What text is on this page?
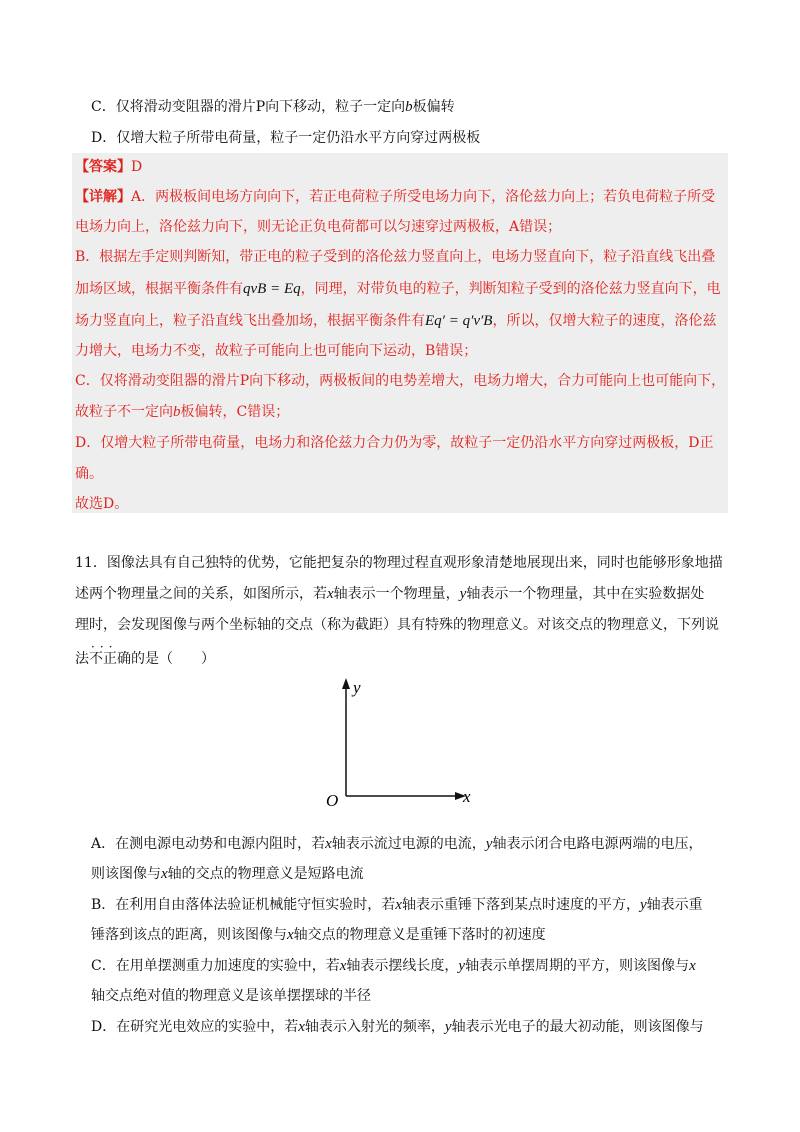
C．仅将滑动变阻器的滑片P向下移动，粒子一定向b板偏转
D．仅增大粒子所带电荷量，粒子一定仍沿水平方向穿过两极板
【答案】D
【详解】A．两极板间电场方向向下，若正电荷粒子所受电场力向下，洛伦兹力向上；若负电荷粒子所受
电场力向上，洛伦兹力向下，则无论正负电荷都可以匀速穿过两极板，A错误；
B．根据左手定则判断知，带正电的粒子受到的洛伦兹力竖直向上，电场力竖直向下，粒子沿直线飞出叠
加场区域，根据平衡条件有qvB = Eq，同理，对带负电的粒子，判断知粒子受到的洛伦兹力竖直向下，电
场力竖直向上，粒子沿直线飞出叠加场，根据平衡条件有Eq′ = q′v′B，所以，仅增大粒子的速度，洛伦兹
力增大，电场力不变，故粒子可能向上也可能向下运动，B错误；
C．仅将滑动变阻器的滑片P向下移动，两极板间的电势差增大，电场力增大，合力可能向上也可能向下，
故粒子不一定向b板偏转，C错误；
D．仅增大粒子所带电荷量，电场力和洛伦兹力合力仍为零，故粒子一定仍沿水平方向穿过两极板，D正
确。
故选D。
11．图像法具有自己独特的优势，它能把复杂的物理过程直观形象清楚地展现出来，同时也能够形象地描
述两个物理量之间的关系，如图所示，若x轴表示一个物理量，y轴表示一个物理量，其中在实验数据处
理时，会发现图像与两个坐标轴的交点（称为截距）具有特殊的物理意义。对该交点的物理意义，下列说
···
法不正确的是（　　）
y
x
O
A．在测电源电动势和电源内阻时，若x轴表示流过电源的电流，y轴表示闭合电路电源两端的电压，
则该图像与x轴的交点的物理意义是短路电流
B．在利用自由落体法验证机械能守恒实验时，若x轴表示重锤下落到某点时速度的平方，y轴表示重
锤落到该点的距离，则该图像与x轴交点的物理意义是重锤下落时的初速度
C．在用单摆测重力加速度的实验中，若x轴表示摆线长度，y轴表示单摆周期的平方，则该图像与x
轴交点绝对值的物理意义是该单摆摆球的半径
D．在研究光电效应的实验中，若x轴表示入射光的频率，y轴表示光电子的最大初动能，则该图像与
